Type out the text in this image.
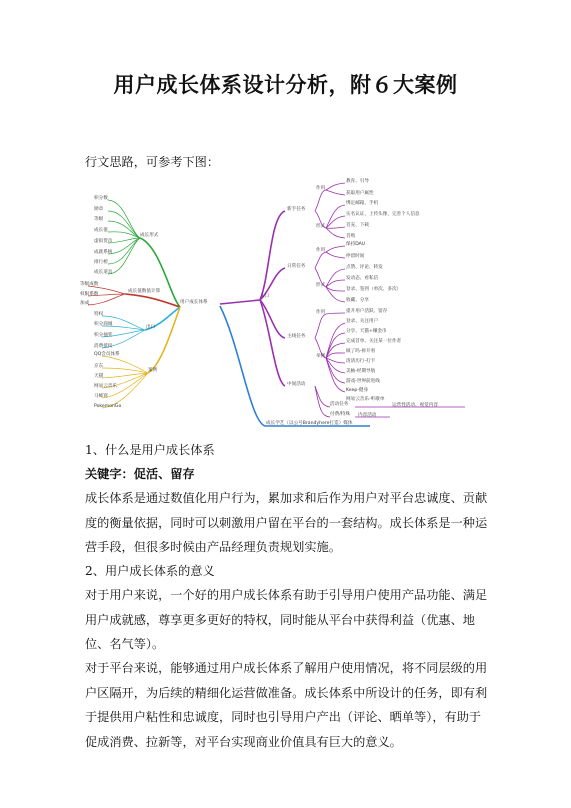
用户成长体系设计分析，附６大案例
行文思路，可参考下图：
用户成长体系
成长形式
积分数
勋章
等级
成长值
虚拟货币
成就系统
排行榜
成长道具
成长值数值计算
等级成数
权限系数
加成
出口
特权
积分商城
积分抽奖
消费抵扣
案例
QQ会员体系
京东
天猫
网易云音乐
马蜂窝
PokemonGo
入口
新手任务
作用
形式
教育、引导
获取用户属性
绑定邮箱、手机
实名认证、上传头像、完善个人信息
首充、下载
首购
日常任务
作用
形式
保持DAU
停留时间
点赞、评论、转发
发动态、看私信
登录、签到（单次、多次）
收藏、分享
主线任务
作用
举例
提升用户活跃、留存
登录、关注用户
分享、天猫+赚金币
完成首单、关注某一位作者
做了吗-拆开看
清清历行-打卡
美柚-经期导航
游戏-世界前进线
Keep-健身
网易云音乐-听歌单
中间活动
活动任务
付费/特殊
运营性活动、视觉内容
内容活动
成长学艺（以公号Brandyhere打造）媒体
1、什么是用户成长体系
关键字：促活、留存
成长体系是通过数值化用户行为，累加求和后作为用户对平台忠诚度、贡献度的衡量依据，同时可以刺激用户留在平台的一套结构。成长体系是一种运营手段，但很多时候由产品经理负责规划实施。
2、用户成长体系的意义
对于用户来说，一个好的用户成长体系有助于引导用户使用产品功能、满足用户成就感，尊享更多更好的特权，同时能从平台中获得利益（优惠、地位、名气等）。
对于平台来说，能够通过用户成长体系了解用户使用情况，将不同层级的用户区隔开，为后续的精细化运营做准备。成长体系中所设计的任务，即有利于提供用户粘性和忠诚度，同时也引导用户产出（评论、晒单等），有助于促成消费、拉新等，对平台实现商业价值具有巨大的意义。
